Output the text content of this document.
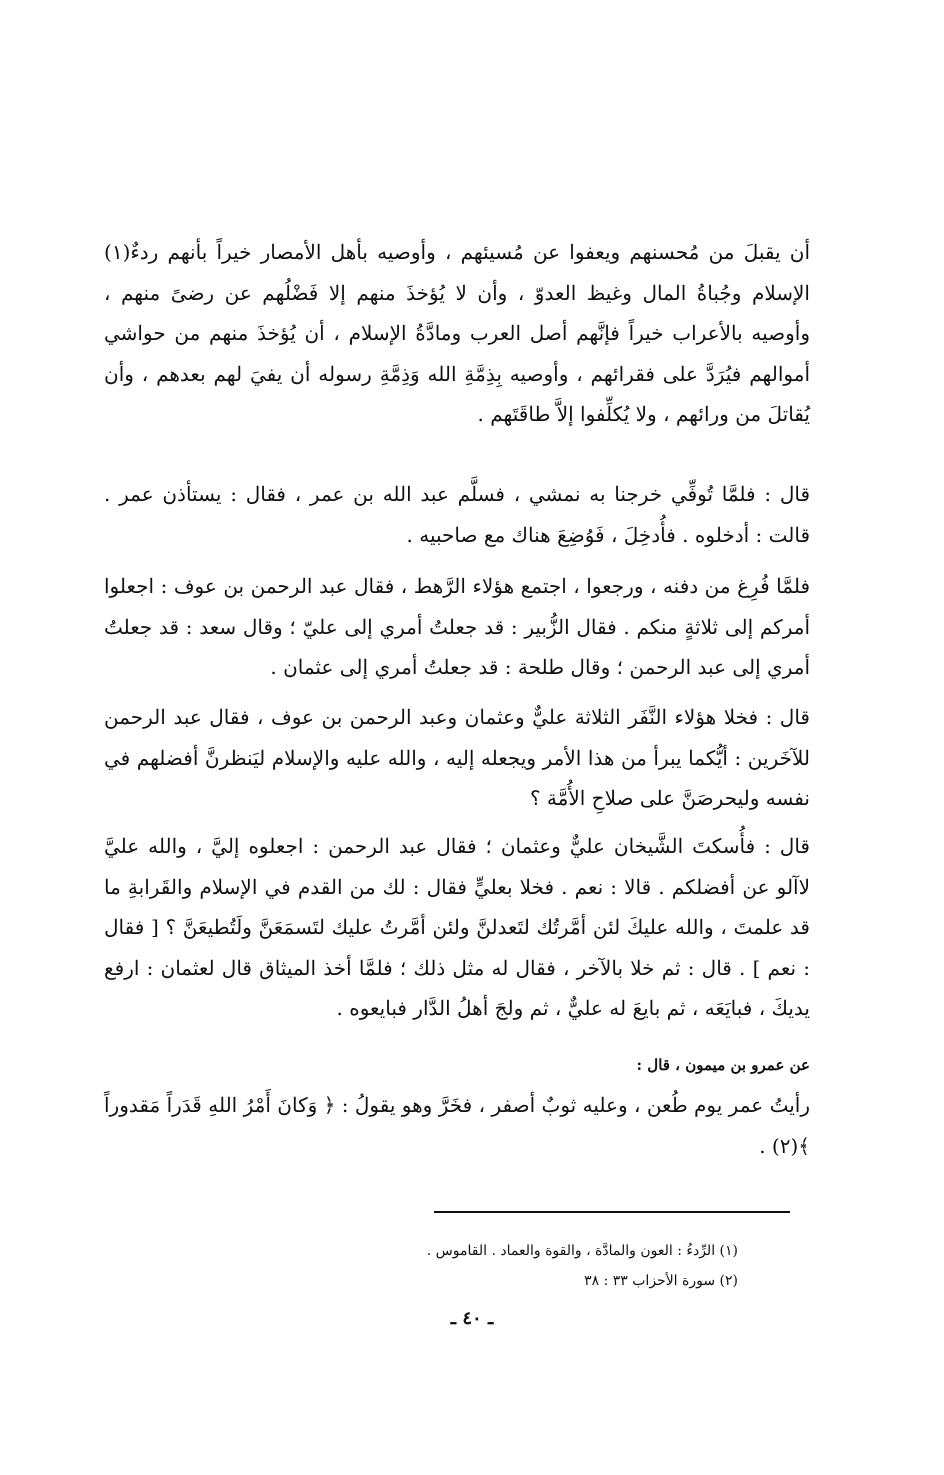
أن يقبلَ من مُحسنهم ويعفوا عن مُسيئهم ، وأوصيه بأهل الأمصار خيراً بأنهم ردءٌ(١) الإسلام وجُباةُ المال وغيظ العدوّ ، وأن لا يُؤخذَ منهم إلا فَضْلُهم عن رضىً منهم ، وأوصيه بالأعراب خيراً فإنَّهم أصل العرب ومادَّةُ الإسلام ، أن يُؤخذَ منهم من حواشي أموالهم فيُرَدَّ على فقرائهم ، وأوصيه بِذِمَّةِ الله وَذِمَّةِ رسوله أن يفيَ لهم بعدهم ، وأن يُقاتلَ من ورائهم ، ولا يُكلِّفوا إلاَّ طاقَتَهم .

قال : فلمَّا تُوفِّي خرجنا به نمشي ، فسلَّم عبد الله بن عمر ، فقال : يستأذن عمر . قالت : أدخلوه . فأُدخِلَ ، فَوُضِعَ هناك مع صاحبيه .

فلمَّا فُرِغ من دفنه ، ورجعوا ، اجتمع هؤلاء الرَّهط ، فقال عبد الرحمن بن عوف : اجعلوا أمركم إلى ثلاثةٍ منكم . فقال الزُّبير : قد جعلتُ أمري إلى عليّ ؛ وقال سعد : قد جعلتُ أمري إلى عبد الرحمن ؛ وقال طلحة : قد جعلتُ أمري إلى عثمان .

قال : فخلا هؤلاء النَّفَر الثلاثة عليٌّ وعثمان وعبد الرحمن بن عوف ، فقال عبد الرحمن للآخَرين : أيُّكما يبرأ من هذا الأمر ويجعله إليه ، والله عليه والإسلام ليَنظرنَّ أفضلهم في نفسه وليحرصَنَّ على صلاحِ الأُمَّة ؟

قال : فأُسكتَ الشَّيخان عليٌّ وعثمان ؛ فقال عبد الرحمن : اجعلوه إليَّ ، والله عليَّ لاآلو عن أفضلكم . قالا : نعم . فخلا بعليٍّ فقال : لك من القدم في الإسلام والقَرابةِ ما قد علمتَ ، والله عليكَ لئن أمَّرتُك لتَعدلنَّ ولئن أمَّرتُ عليك لتَسمَعَنَّ ولَتُطيعَنَّ ؟ [ فقال : نعم ] . قال : ثم خلا بالآخر ، فقال له مثل ذلك ؛ فلمَّا أخذ الميثاق قال لعثمان : ارفع يديكَ ، فبايَعَه ، ثم بايعَ له عليٌّ ، ثم ولجَ أهلُ الدَّار فبايعوه .

عن عمرو بن ميمون ، قال :

رأيتُ عمر يوم طُعن ، وعليه ثوبٌ أصفر ، فخَرَّ وهو يقولُ : ﴿ وَكانَ أَمْرُ اللهِ قَدَراً مَقدوراً ﴾(٢) .

(١) الرِّدءُ : العون والمادَّة ، والقوة والعماد . القاموس .

(٢) سورة الأحزاب ٣٣ : ٣٨

ـ ٤٠ ـ
